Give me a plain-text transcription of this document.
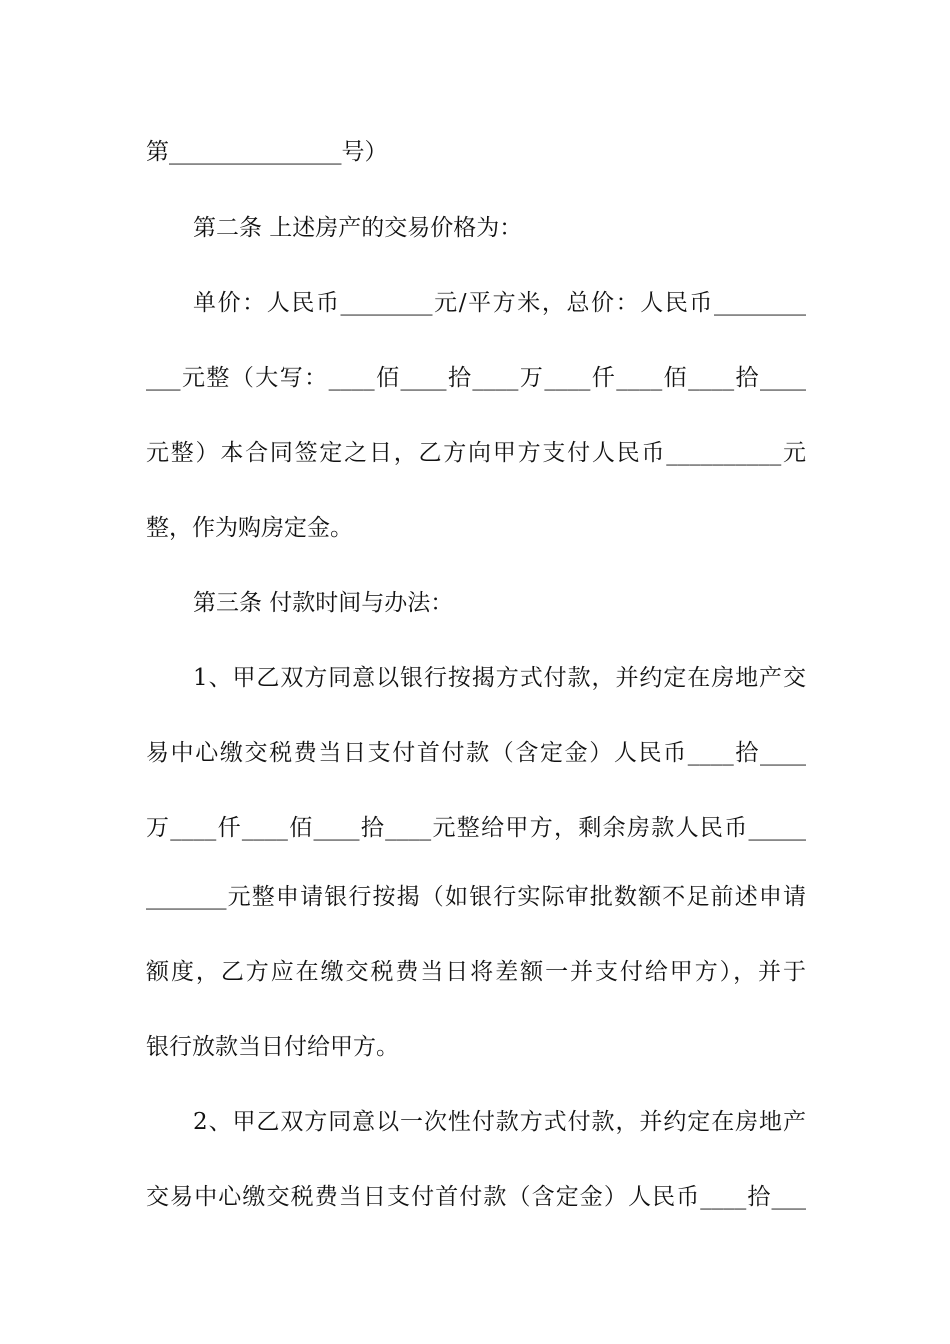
第_______________号）
第二条 上述房产的交易价格为：
单价：人民币________元/平方米，总价：人民币________
___元整（大写：____佰____拾____万____仟____佰____拾____
元整）本合同签定之日，乙方向甲方支付人民币__________元
整，作为购房定金。
第三条 付款时间与办法：
1、甲乙双方同意以银行按揭方式付款，并约定在房地产交
易中心缴交税费当日支付首付款（含定金）人民币____拾____
万____仟____佰____拾____元整给甲方，剩余房款人民币_____
_______元整申请银行按揭（如银行实际审批数额不足前述申请
额度，乙方应在缴交税费当日将差额一并支付给甲方），并于
银行放款当日付给甲方。
2、甲乙双方同意以一次性付款方式付款，并约定在房地产
交易中心缴交税费当日支付首付款（含定金）人民币____拾___
